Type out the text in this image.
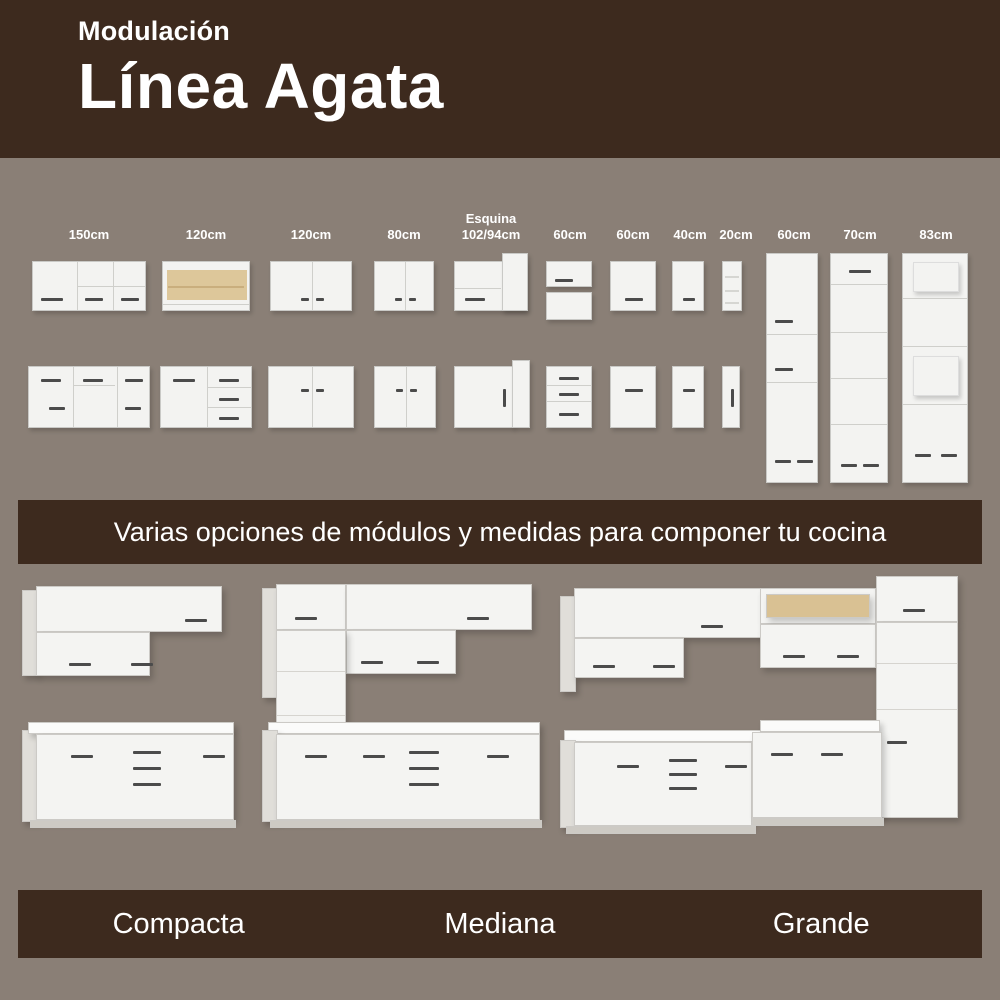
Modulación
Línea Agata
150cm	120cm	120cm	80cm
Esquina
102/94cm	60cm 60cm 40cm 20cm 60cm	70cm	83cm
Varias opciones de módulos y medidas para componer tu cocina
Compacta	Mediana	Grande
